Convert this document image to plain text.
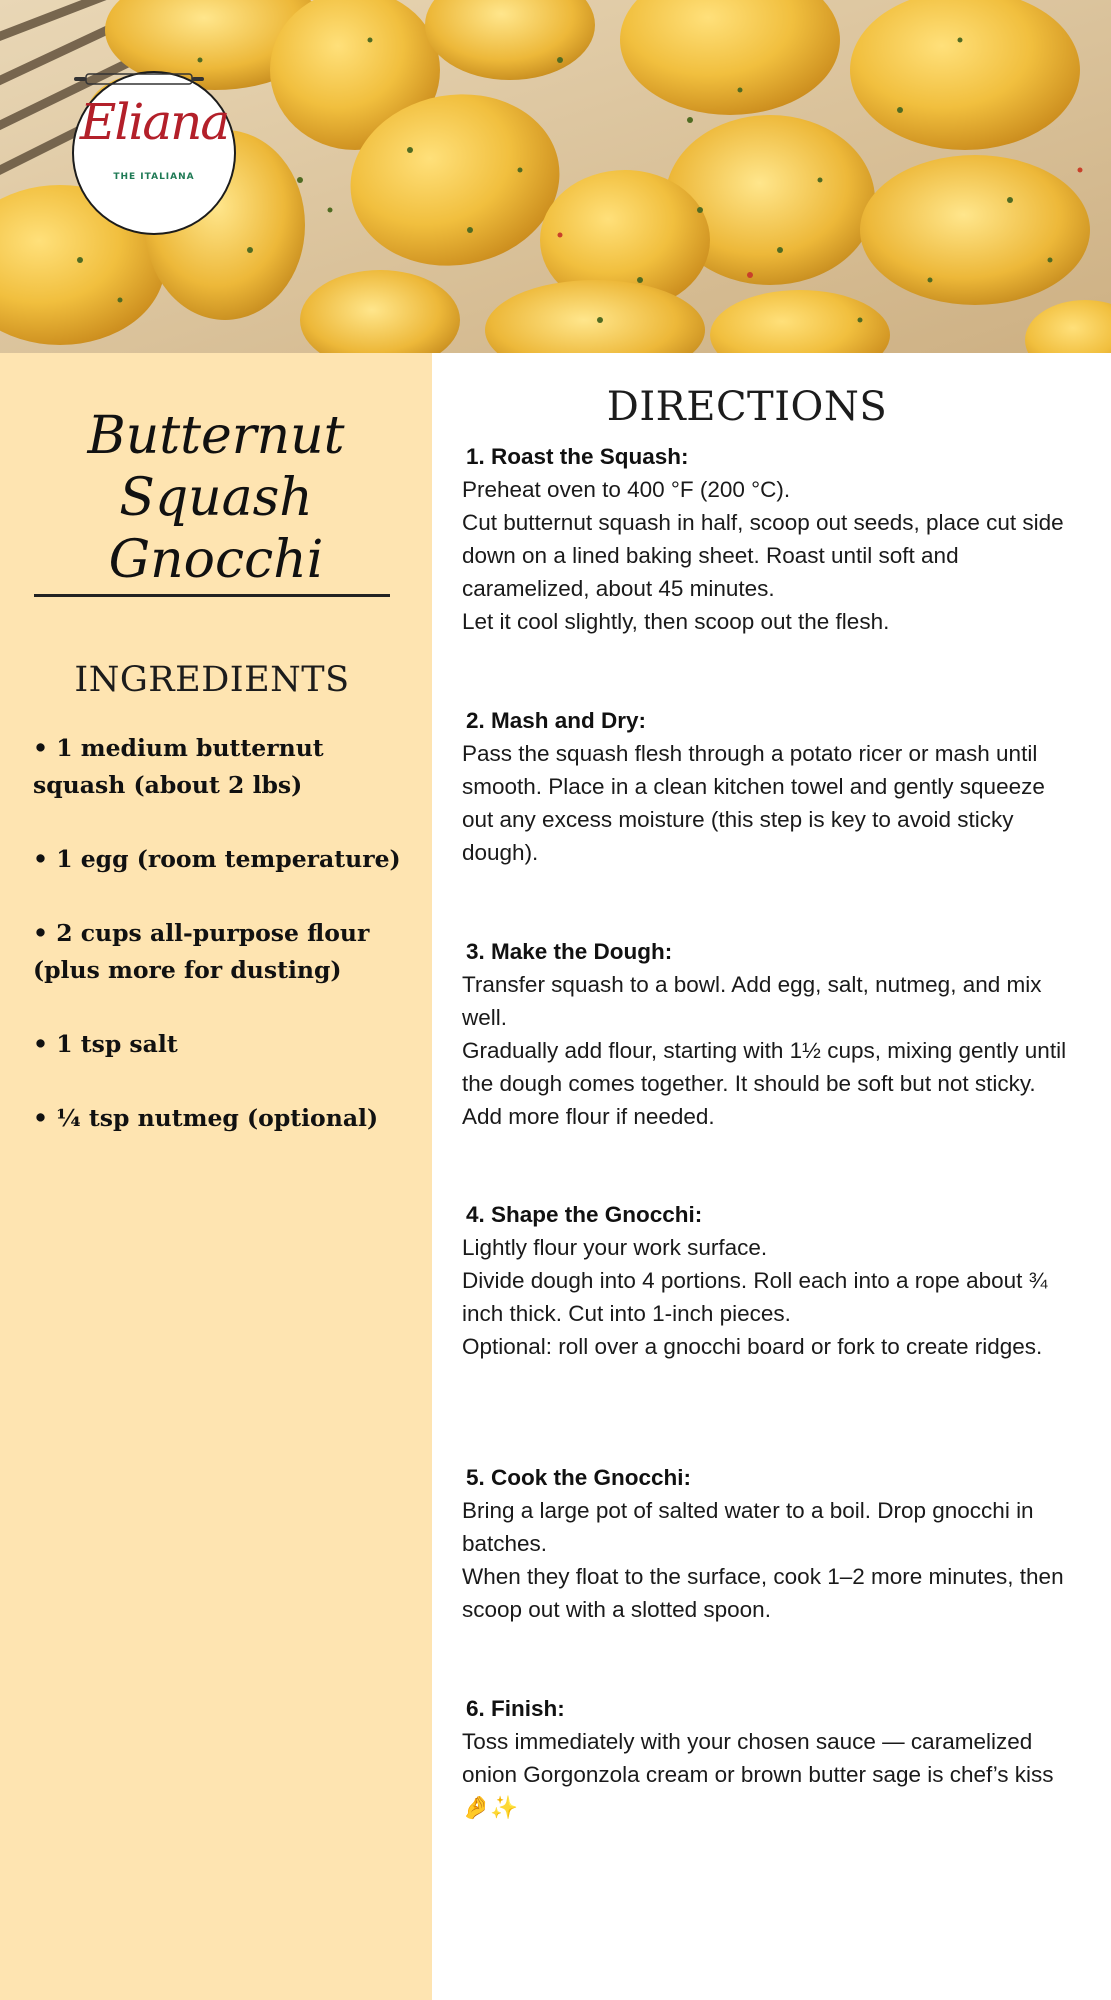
Eliana
THE ITALIANA
Butternut Squash Gnocchi
INGREDIENTS
• 1 medium butternut squash (about 2 lbs)
• 1 egg (room temperature)
• 2 cups all-purpose flour (plus more for dusting)
• 1 tsp salt
• ¼ tsp nutmeg (optional)
DIRECTIONS
1. Roast the Squash:

Preheat oven to 400 °F (200 °C).

Cut butternut squash in half, scoop out seeds, place cut side down on a lined baking sheet. Roast until soft and caramelized, about 45 minutes.

Let it cool slightly, then scoop out the flesh.

2. Mash and Dry:

Pass the squash flesh through a potato ricer or mash until smooth. Place in a clean kitchen towel and gently squeeze out any excess moisture (this step is key to avoid sticky dough).

3. Make the Dough:

Transfer squash to a bowl. Add egg, salt, nutmeg, and mix well.

Gradually add flour, starting with 1½ cups, mixing gently until the dough comes together. It should be soft but not sticky. Add more flour if needed.

4. Shape the Gnocchi:

Lightly flour your work surface.

Divide dough into 4 portions. Roll each into a rope about ¾ inch thick. Cut into 1-inch pieces.

Optional: roll over a gnocchi board or fork to create ridges.

5. Cook the Gnocchi:

Bring a large pot of salted water to a boil. Drop gnocchi in batches.

When they float to the surface, cook 1–2 more minutes, then scoop out with a slotted spoon.

6. Finish:

Toss immediately with your chosen sauce — caramelized onion Gorgonzola cream or brown butter sage is chef’s kiss 🤌✨
